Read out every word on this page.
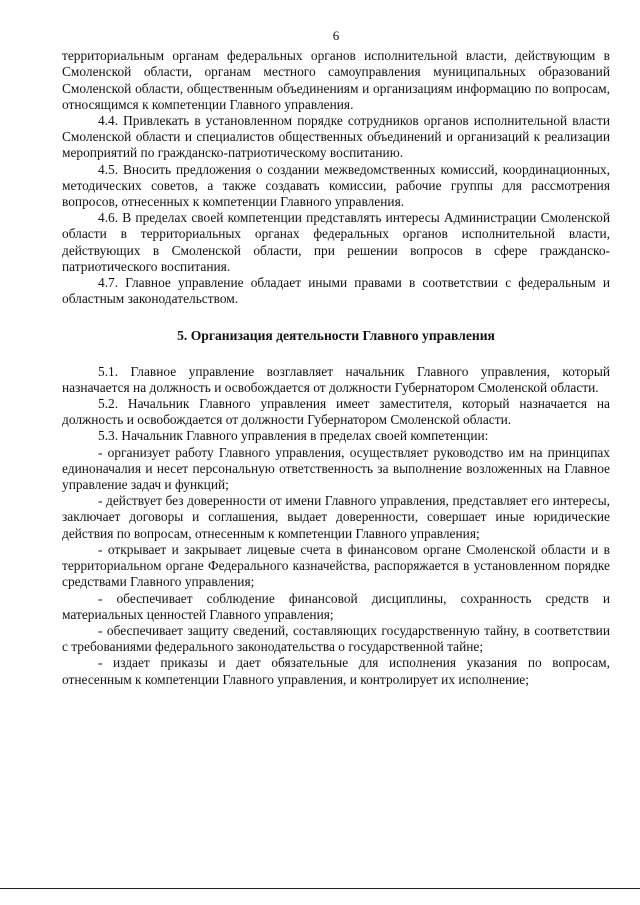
6

территориальным органам федеральных органов исполнительной власти, действующим в Смоленской области, органам местного самоуправления муниципальных образований Смоленской области, общественным объединениям и организациям информацию по вопросам, относящимся к компетенции Главного управления.

4.4. Привлекать в установленном порядке сотрудников органов исполнительной власти Смоленской области и специалистов общественных объединений и организаций к реализации мероприятий по гражданско-патриотическому воспитанию.

4.5. Вносить предложения о создании межведомственных комиссий, координационных, методических советов, а также создавать комиссии, рабочие группы для рассмотрения вопросов, отнесенных к компетенции Главного управления.

4.6. В пределах своей компетенции представлять интересы Администрации Смоленской области в территориальных органах федеральных органов исполнительной власти, действующих в Смоленской области, при решении вопросов в сфере гражданско-патриотического воспитания.

4.7. Главное управление обладает иными правами в соответствии с федеральным и областным законодательством.

5. Организация деятельности Главного управления

5.1. Главное управление возглавляет начальник Главного управления, который назначается на должность и освобождается от должности Губернатором Смоленской области.

5.2. Начальник Главного управления имеет заместителя, который назначается на должность и освобождается от должности Губернатором Смоленской области.

5.3. Начальник Главного управления в пределах своей компетенции:

- организует работу Главного управления, осуществляет руководство им на принципах единоначалия и несет персональную ответственность за выполнение возложенных на Главное управление задач и функций;

- действует без доверенности от имени Главного управления, представляет его интересы, заключает договоры и соглашения, выдает доверенности, совершает иные юридические действия по вопросам, отнесенным к компетенции Главного управления;

- открывает и закрывает лицевые счета в финансовом органе Смоленской области и в территориальном органе Федерального казначейства, распоряжается в установленном порядке средствами Главного управления;

- обеспечивает соблюдение финансовой дисциплины, сохранность средств и материальных ценностей Главного управления;

- обеспечивает защиту сведений, составляющих государственную тайну, в соответствии с требованиями федерального законодательства о государственной тайне;

- издает приказы и дает обязательные для исполнения указания по вопросам, отнесенным к компетенции Главного управления, и контролирует их исполнение;
